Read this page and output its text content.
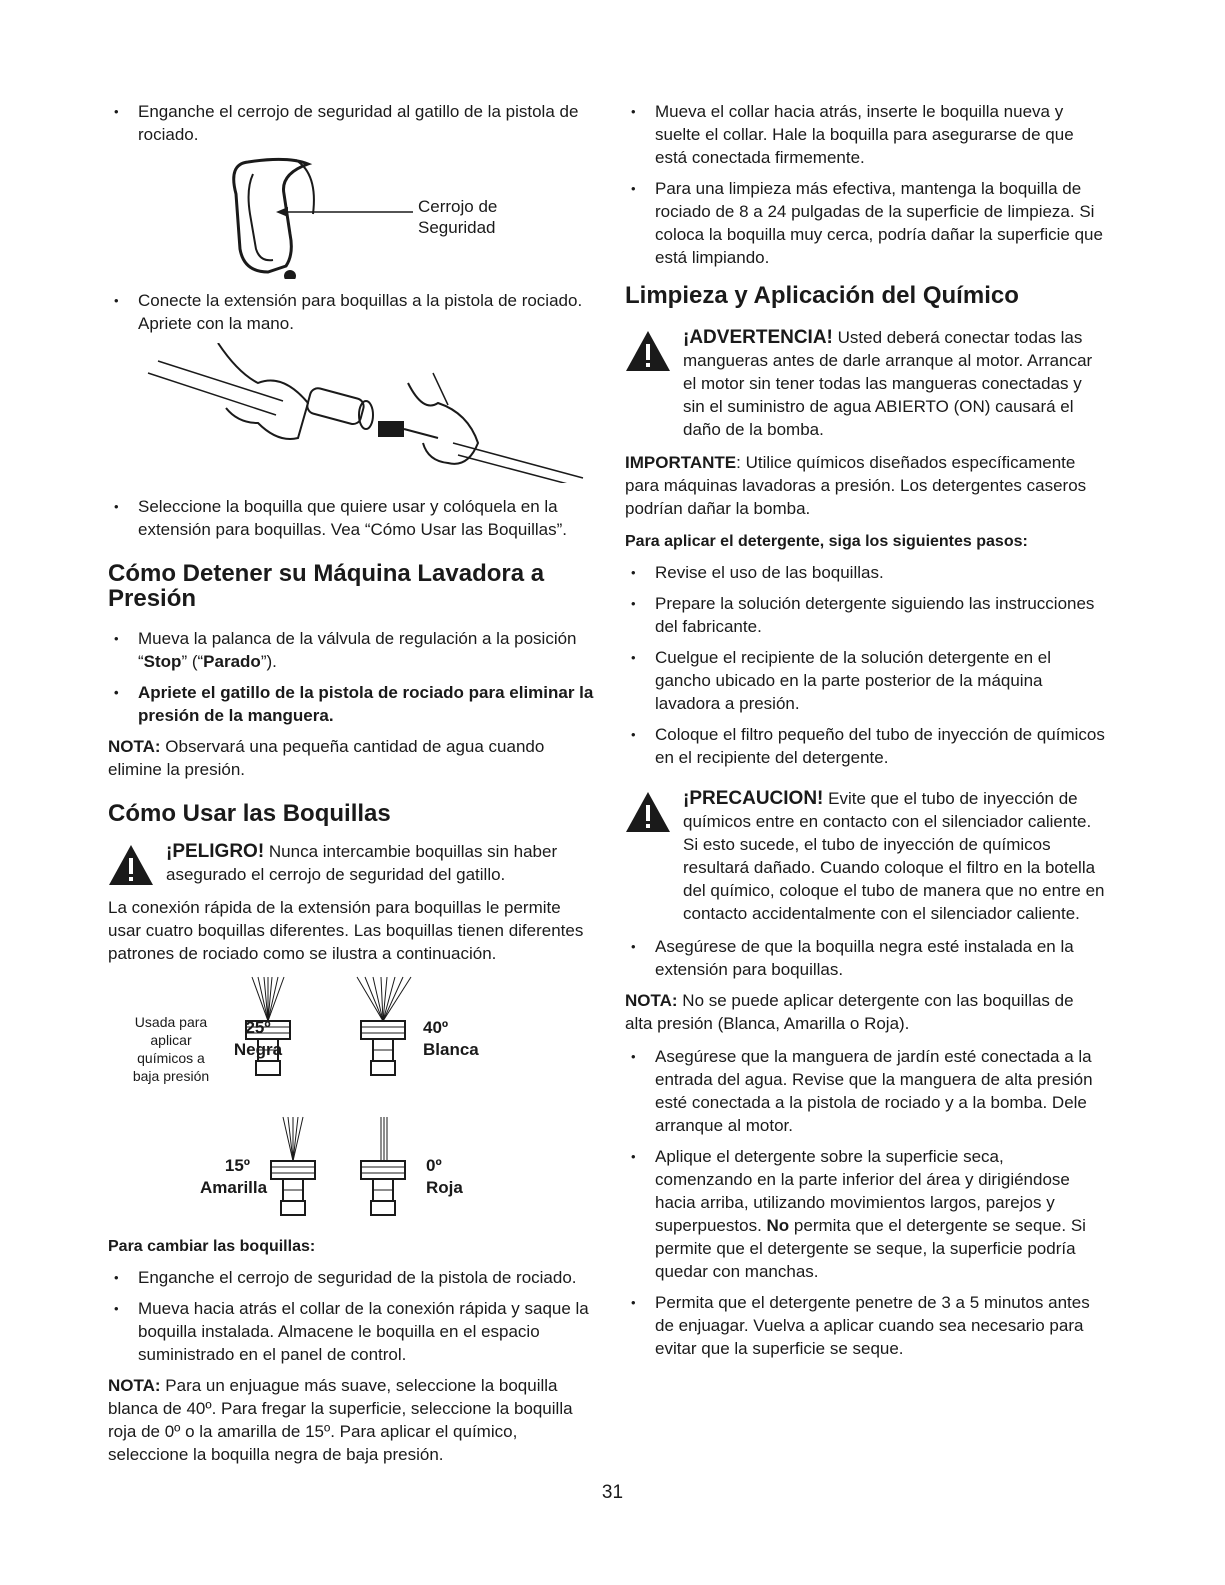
• Enganche el cerrojo de seguridad al gatillo de la pistola de rociado.
Cerrojo de
Seguridad
• Conecte la extensión para boquillas a la pistola de rociado. Apriete con la mano.
• Seleccione la boquilla que quiere usar y colóquela en la extensión para boquillas. Vea “Cómo Usar las Boquillas”.
Cómo Detener su Máquina Lavadora a Presión
• Mueva la palanca de la válvula de regulación a la posición “Stop” (“Parado”).
• Apriete el gatillo de la pistola de rociado para eliminar la presión de la manguera.

NOTA: Observará una pequeña cantidad de agua cuando elimine la presión.

Cómo Usar las Boquillas
¡PELIGRO! Nunca intercambie boquillas sin haber asegurado el cerrojo de seguridad del gatillo.

La conexión rápida de la extensión para boquillas le permite usar cuatro boquillas diferentes. Las boquillas tienen diferentes patrones de rociado como se ilustra a continuación.

Usada para
aplicar
químicos a
baja presión
25º
Negra
40º
Blanca
15º
Amarilla
0º
Roja
Para cambiar las boquillas:
• Enganche el cerrojo de seguridad de la pistola de rociado.
• Mueva hacia atrás el collar de la conexión rápida y saque la boquilla instalada. Almacene le boquilla en el espacio suministrado en el panel de control.

NOTA: Para un enjuague más suave, seleccione la boquilla blanca de 40º. Para fregar la superficie, seleccione la boquilla roja de 0º o la amarilla de 15º. Para aplicar el químico, seleccione la boquilla negra de baja presión.

• Mueva el collar hacia atrás, inserte le boquilla nueva y suelte el collar. Hale la boquilla para asegurarse de que está conectada firmemente.
• Para una limpieza más efectiva, mantenga la boquilla de rociado de 8 a 24 pulgadas de la superficie de limpieza. Si coloca la boquilla muy cerca, podría dañar la superficie que está limpiando.
Limpieza y Aplicación del Químico
¡ADVERTENCIA! Usted deberá conectar todas las mangueras antes de darle arranque al motor. Arrancar el motor sin tener todas las mangueras conectadas y sin el suministro de agua ABIERTO (ON) causará el daño de la bomba.

IMPORTANTE: Utilice químicos diseñados específicamente para máquinas lavadoras a presión. Los detergentes caseros podrían dañar la bomba.

Para aplicar el detergente, siga los siguientes pasos:
• Revise el uso de las boquillas.
• Prepare la solución detergente siguiendo las instrucciones del fabricante.
• Cuelgue el recipiente de la solución detergente en el gancho ubicado en la parte posterior de la máquina lavadora a presión.
• Coloque el filtro pequeño del tubo de inyección de químicos en el recipiente del detergente.
¡PRECAUCION! Evite que el tubo de inyección de químicos entre en contacto con el silenciador caliente. Si esto sucede, el tubo de inyección de químicos resultará dañado. Cuando coloque el filtro en la botella del químico, coloque el tubo de manera que no entre en contacto accidentalmente con el silenciador caliente.
• Asegúrese de que la boquilla negra esté instalada en la extensión para boquillas.

NOTA: No se puede aplicar detergente con las boquillas de alta presión (Blanca, Amarilla o Roja).

• Asegúrese que la manguera de jardín esté conectada a la entrada del agua. Revise que la manguera de alta presión esté conectada a la pistola de rociado y a la bomba. Dele arranque al motor.
• Aplique el detergente sobre la superficie seca, comenzando en la parte inferior del área y dirigiéndose hacia arriba, utilizando movimientos largos, parejos y superpuestos. No permita que el detergente se seque. Si permite que el detergente se seque, la superficie podría quedar con manchas.
• Permita que el detergente penetre de 3 a 5 minutos antes de enjuagar. Vuelva a aplicar cuando sea necesario para evitar que la superficie se seque.
31
